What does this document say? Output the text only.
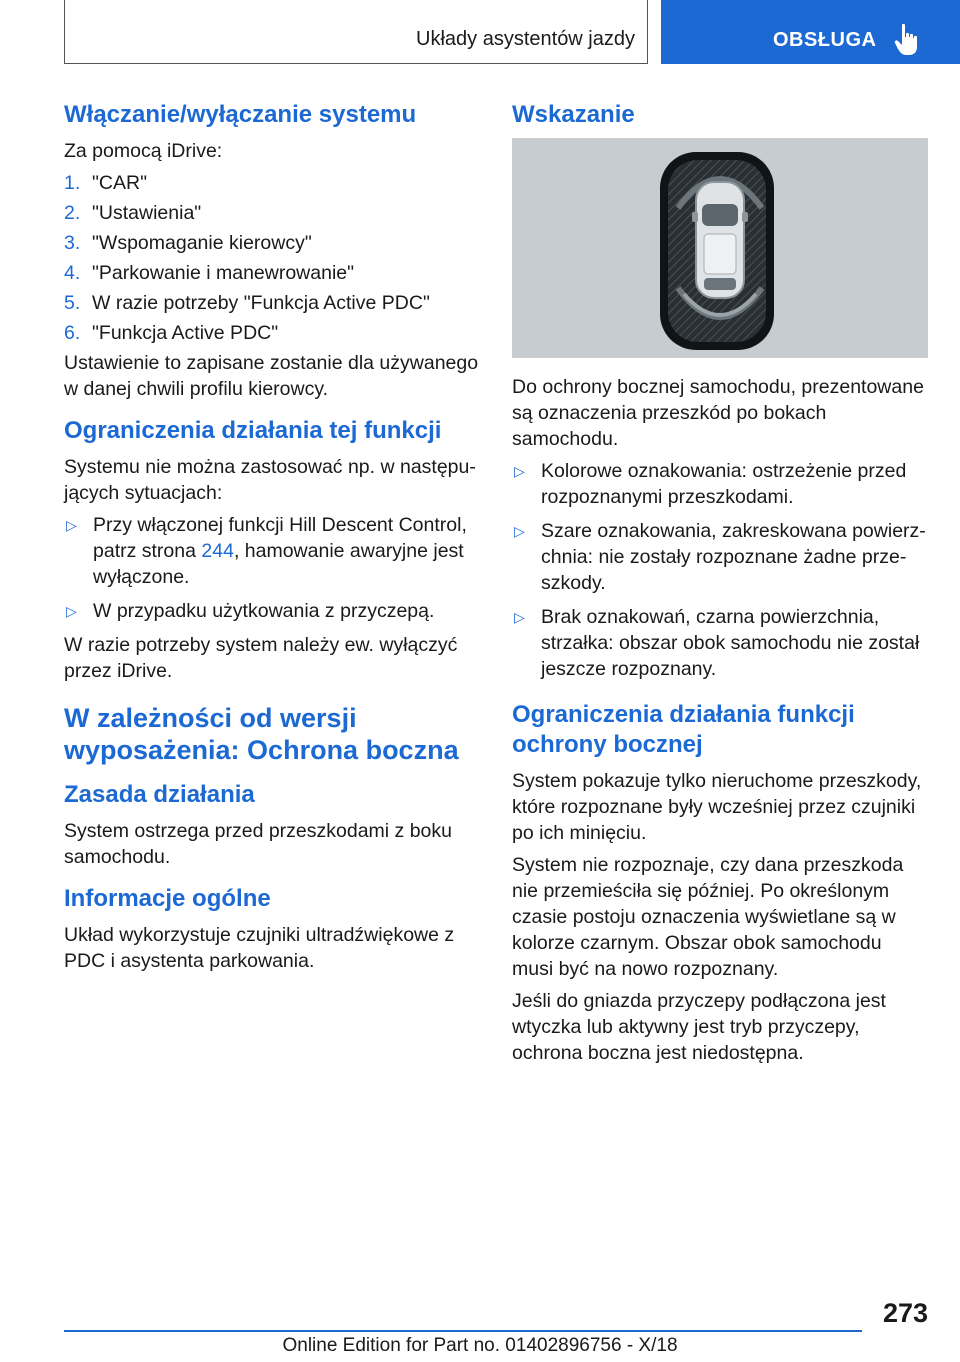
Układy asystentów jazdy	OBSŁUGA
Włączanie/wyłączanie systemu

Za pomocą iDrive:

1. "CAR"
2. "Ustawienia"
3. "Wspomaganie kierowcy"
4. "Parkowanie i manewrowanie"
5. W razie potrzeby "Funkcja Active PDC"
6. "Funkcja Active PDC"

Ustawienie to zapisane zostanie dla używanego w danej chwili profilu kierowcy.

Ograniczenia działania tej funkcji

Systemu nie można zastosować np. w następujących sytuacjach:

▷ Przy włączonej funkcji Hill Descent Control, patrz strona 244, hamowanie awaryjne jest wyłączone.
▷ W przypadku użytkowania z przyczepą.

W razie potrzeby system należy ew. wyłączyć przez iDrive.

W zależności od wersji wyposażenia: Ochrona boczna
Zasada działania

System ostrzega przed przeszkodami z boku samochodu.

Informacje ogólne

Układ wykorzystuje czujniki ultradźwiękowe z PDC i asystenta parkowania.

Wskazanie

Do ochrony bocznej samochodu, prezentowane są oznaczenia przeszkód po bokach samochodu.

▷ Kolorowe oznakowania: ostrzeżenie przed rozpoznanymi przeszkodami.
▷ Szare oznakowania, zakreskowana powierzchnia: nie zostały rozpoznane żadne przeszkody.
▷ Brak oznakowań, czarna powierzchnia, strzałka: obszar obok samochodu nie został jeszcze rozpoznany.
Ograniczenia działania funkcji ochrony bocznej

System pokazuje tylko nieruchome przeszkody, które rozpoznane były wcześniej przez czujniki po ich minięciu.

System nie rozpoznaje, czy dana przeszkoda nie przemieściła się później. Po określonym czasie postoju oznaczenia wyświetlane są w kolorze czarnym. Obszar obok samochodu musi być na nowo rozpoznany.

Jeśli do gniazda przyczepy podłączona jest wtyczka lub aktywny jest tryb przyczepy, ochrona boczna jest niedostępna.

273
Online Edition for Part no. 01402896756 - X/18
